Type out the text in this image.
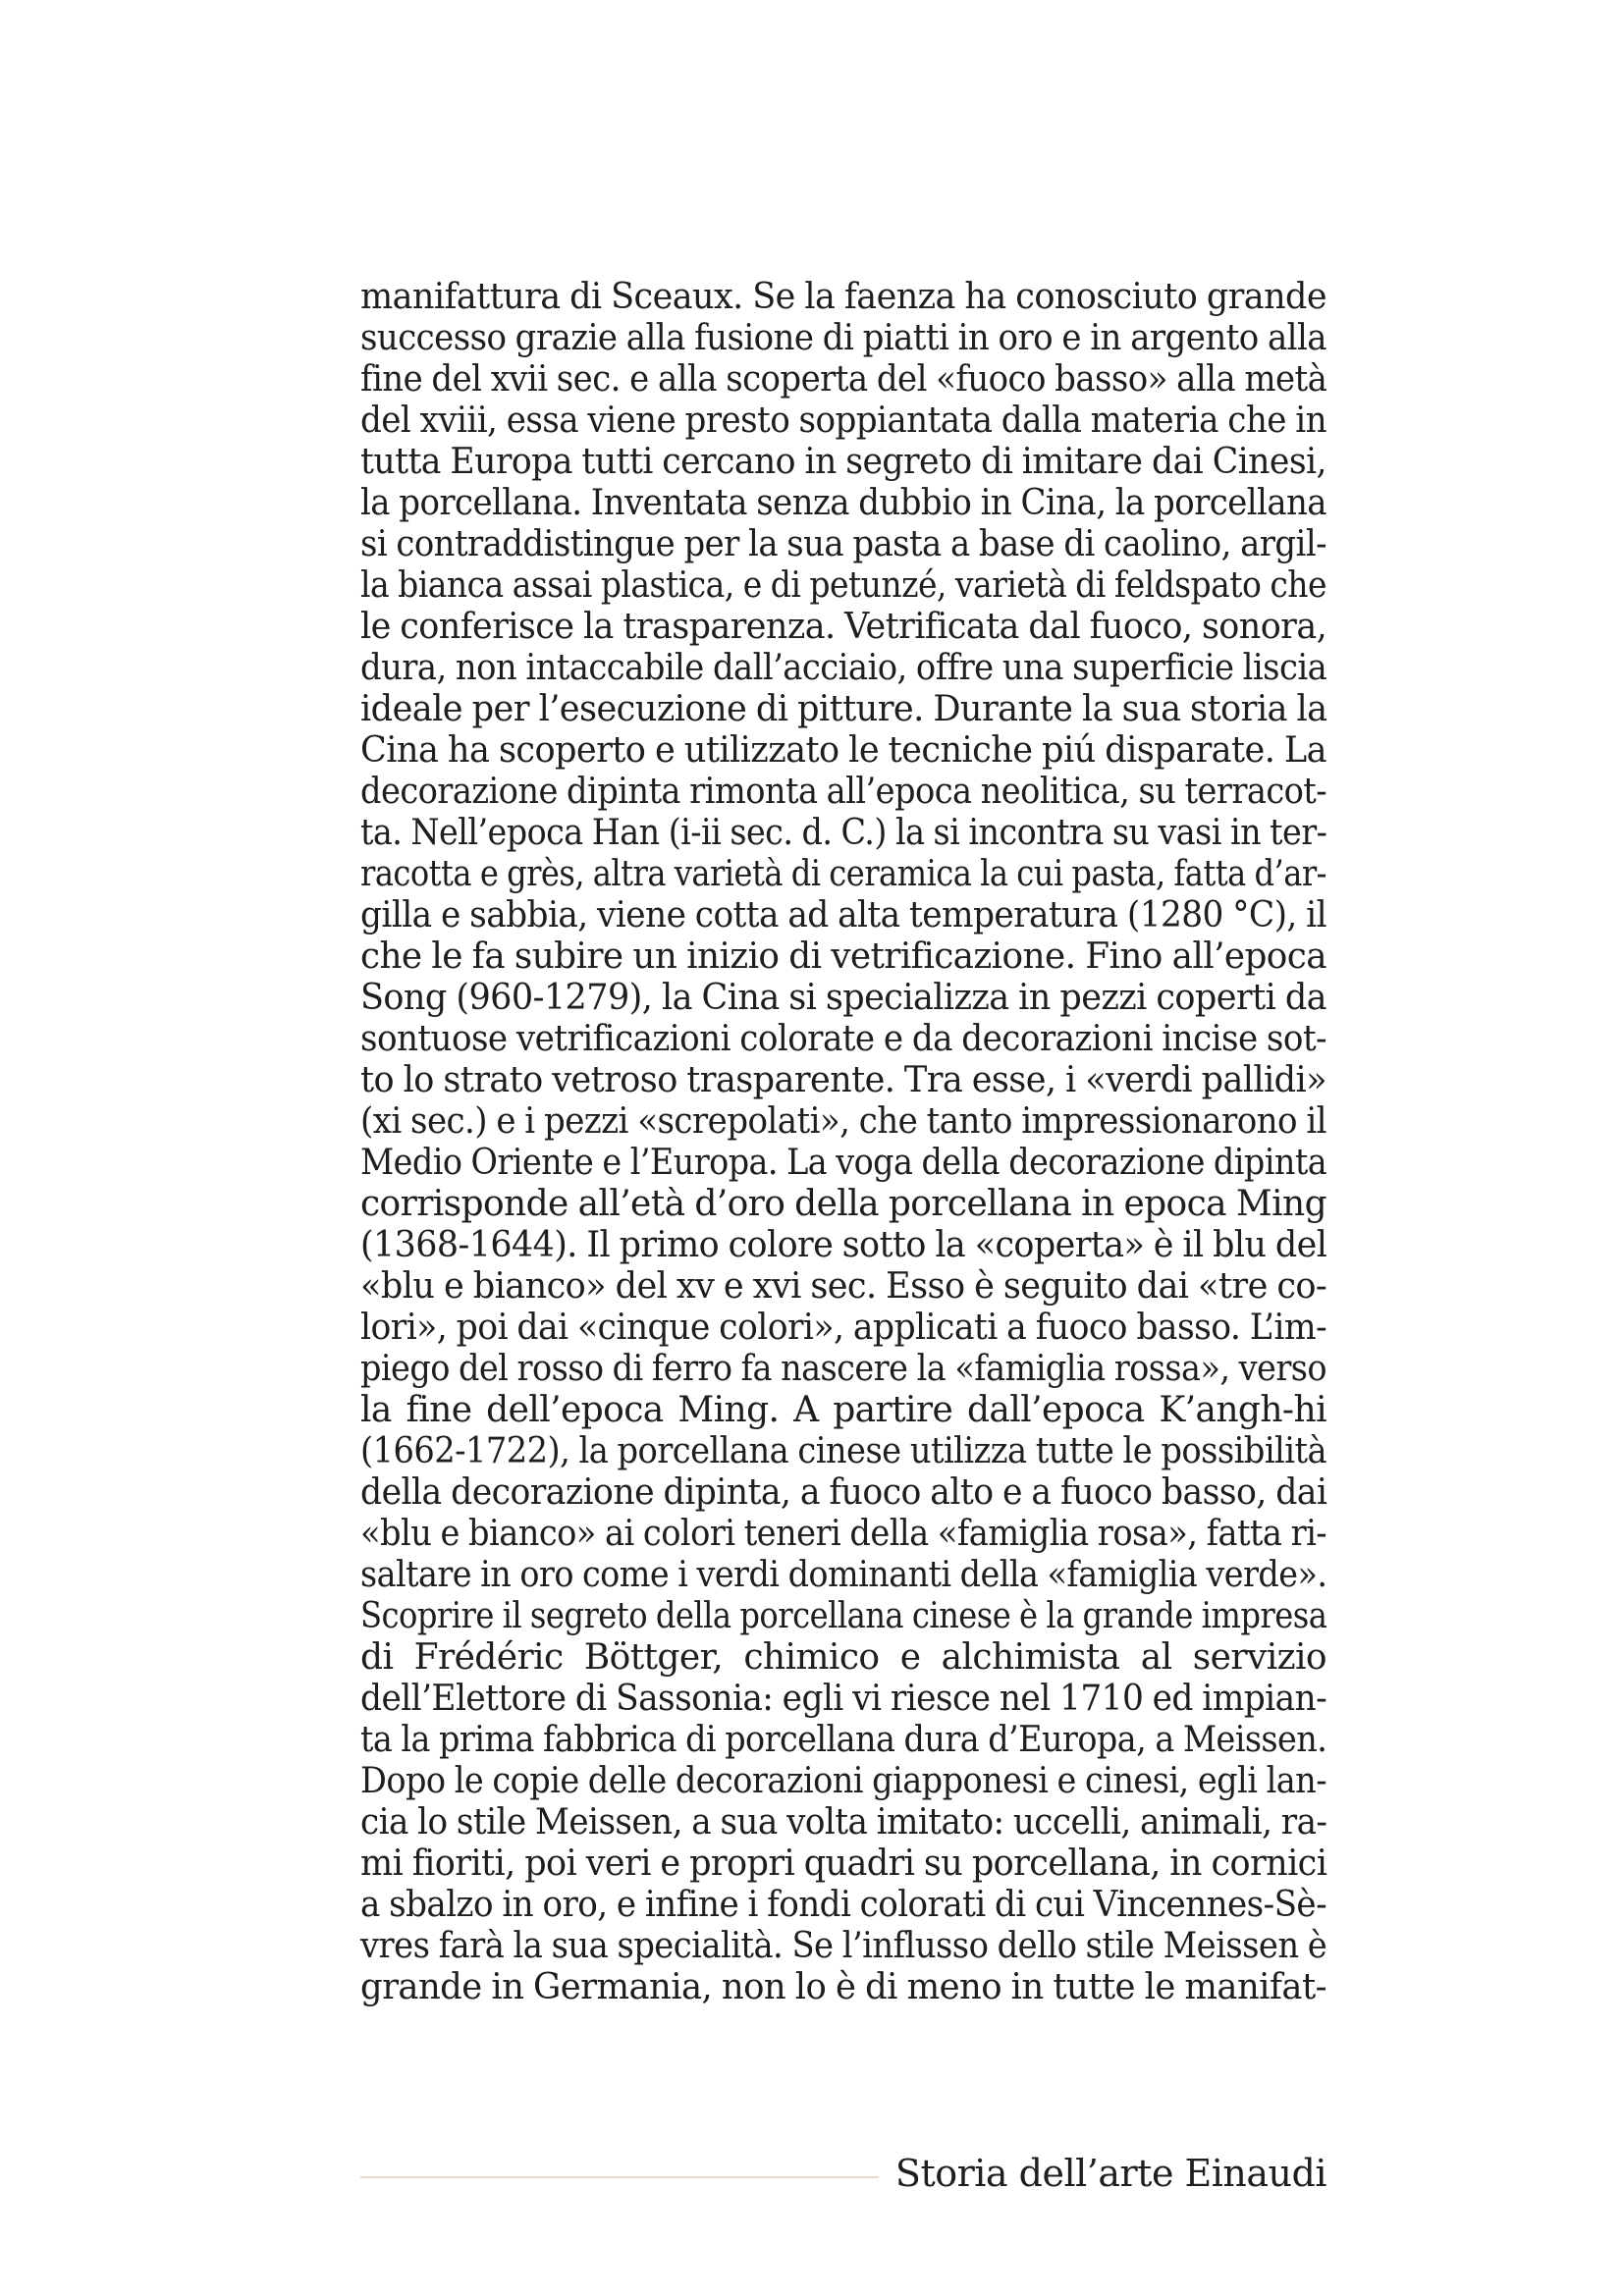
manifattura di Sceaux. Se la faenza ha conosciuto grande
successo grazie alla fusione di piatti in oro e in argento alla
fine del xvii sec. e alla scoperta del «fuoco basso» alla metà
del xviii, essa viene presto soppiantata dalla materia che in
tutta Europa tutti cercano in segreto di imitare dai Cinesi,
la porcellana. Inventata senza dubbio in Cina, la porcellana
si contraddistingue per la sua pasta a base di caolino, argil-
la bianca assai plastica, e di petunzé, varietà di feldspato che
le conferisce la trasparenza. Vetrificata dal fuoco, sonora,
dura, non intaccabile dall’acciaio, offre una superficie liscia
ideale per l’esecuzione di pitture. Durante la sua storia la
Cina ha scoperto e utilizzato le tecniche piú disparate. La
decorazione dipinta rimonta all’epoca neolitica, su terracot-
ta. Nell’epoca Han (i-ii sec. d. C.) la si incontra su vasi in ter-
racotta e grès, altra varietà di ceramica la cui pasta, fatta d’ar-
gilla e sabbia, viene cotta ad alta temperatura (1280 °C), il
che le fa subire un inizio di vetrificazione. Fino all’epoca
Song (960-1279), la Cina si specializza in pezzi coperti da
sontuose vetrificazioni colorate e da decorazioni incise sot-
to lo strato vetroso trasparente. Tra esse, i «verdi pallidi»
(xi sec.) e i pezzi «screpolati», che tanto impressionarono il
Medio Oriente e l’Europa. La voga della decorazione dipinta
corrisponde all’età d’oro della porcellana in epoca Ming
(1368-1644). Il primo colore sotto la «coperta» è il blu del
«blu e bianco» del xv e xvi sec. Esso è seguito dai «tre co-
lori», poi dai «cinque colori», applicati a fuoco basso. L’im-
piego del rosso di ferro fa nascere la «famiglia rossa», verso
la fine dell’epoca Ming. A partire dall’epoca K’angh-hi
(1662-1722), la porcellana cinese utilizza tutte le possibilità
della decorazione dipinta, a fuoco alto e a fuoco basso, dai
«blu e bianco» ai colori teneri della «famiglia rosa», fatta ri-
saltare in oro come i verdi dominanti della «famiglia verde».
Scoprire il segreto della porcellana cinese è la grande impresa
di Frédéric Böttger, chimico e alchimista al servizio
dell’Elettore di Sassonia: egli vi riesce nel 1710 ed impian-
ta la prima fabbrica di porcellana dura d’Europa, a Meissen.
Dopo le copie delle decorazioni giapponesi e cinesi, egli lan-
cia lo stile Meissen, a sua volta imitato: uccelli, animali, ra-
mi fioriti, poi veri e propri quadri su porcellana, in cornici
a sbalzo in oro, e infine i fondi colorati di cui Vincennes-Sè-
vres farà la sua specialità. Se l’influsso dello stile Meissen è
grande in Germania, non lo è di meno in tutte le manifat-
Storia dell’arte Einaudi
